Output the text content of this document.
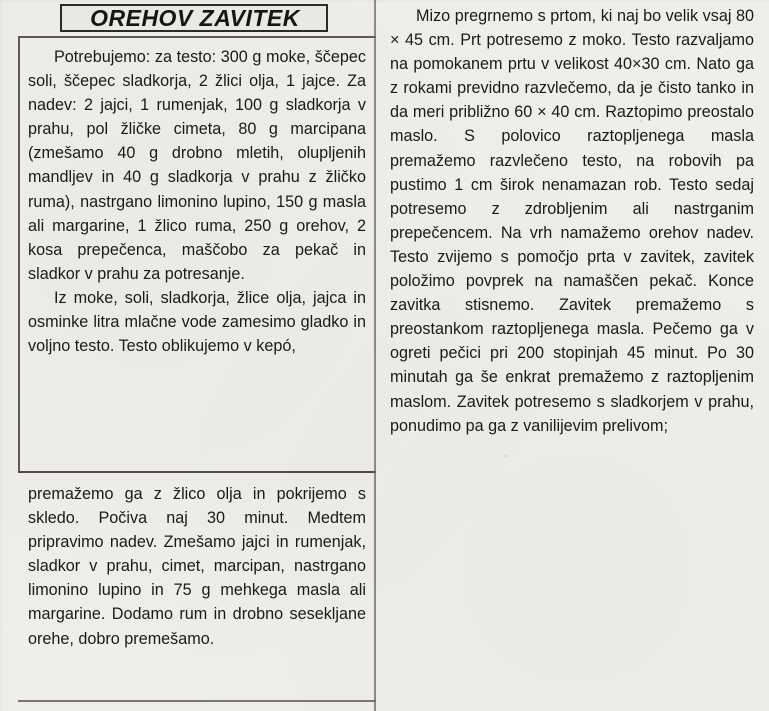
OREHOV ZAVITEK

Potrebujemo: za testo: 300 g moke, ščepec soli, ščepec sladkorja, 2 žlici olja, 1 jajce. Za nadev: 2 jajci, 1 rumenjak, 100 g sladkorja v prahu, pol žličke cimeta, 80 g marcipana (zmešamo 40 g drobno mletih, olupljenih mandljev in 40 g sladkorja v prahu z žličko ruma), nastrgano limonino lupino, 150 g masla ali margarine, 1 žlico ruma, 250 g orehov, 2 kosa prepečenca, maščobo za pekač in sladkor v prahu za potresanje.

Iz moke, soli, sladkorja, žlice olja, jajca in osminke litra mlačne vode zamesimo gladko in voljno testo. Testo oblikujemo v kepó,

premažemo ga z žlico olja in pokrijemo s skledo. Počiva naj 30 minut. Medtem pripravimo nadev. Zmešamo jajci in rumenjak, sladkor v prahu, cimet, marcipan, nastrgano limonino lupino in 75 g mehkega masla ali margarine. Dodamo rum in drobno sesekljane orehe, dobro premešamo.

Mizo pregrnemo s prtom, ki naj bo velik vsaj 80 × 45 cm. Prt potresemo z moko. Testo razvaljamo na pomokanem prtu v velikost 40×30 cm. Nato ga z rokami previdno razvlečemo, da je čisto tanko in da meri približno 60 × 40 cm. Raztopimo preostalo maslo. S polovico raztopljenega masla premažemo razvlečeno testo, na robovih pa pustimo 1 cm širok nenamazan rob. Testo sedaj potresemo z zdrobljenim ali nastrganim prepečencem. Na vrh namažemo orehov nadev. Testo zvijemo s pomočjo prta v zavitek, zavitek položimo povprek na namaščen pekač. Konce zavitka stisnemo. Zavitek premažemo s preostankom raztopljenega masla. Pečemo ga v ogreti pečici pri 200 stopinjah 45 minut. Po 30 minutah ga še enkrat premažemo z raztopljenim maslom. Zavitek potresemo s sladkorjem v prahu, ponudimo pa ga z vanilijevim prelivom;
